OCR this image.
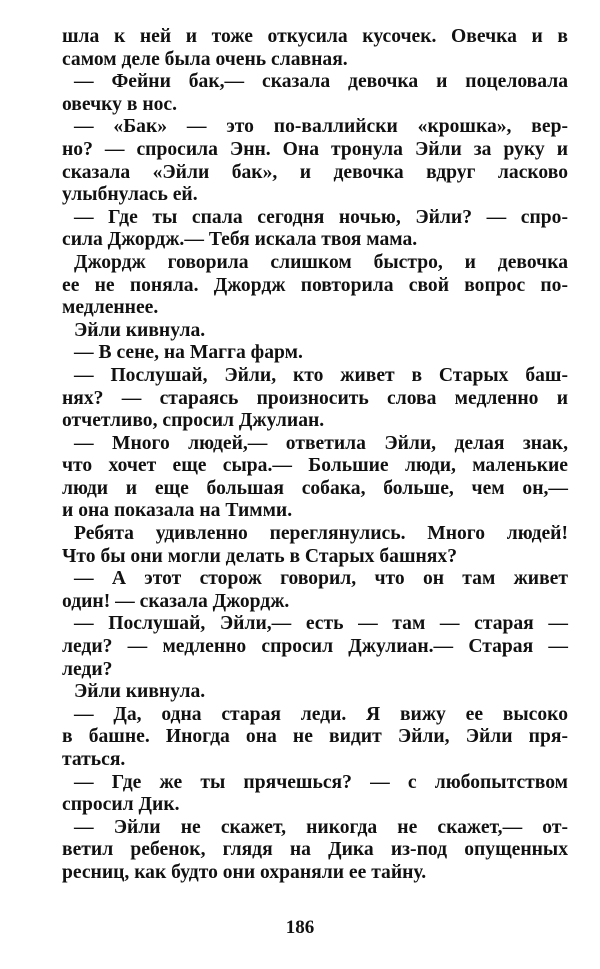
шла к ней и тоже откусила кусочек. Овечка и в
самом деле была очень славная.
— Фейни бак,— сказала девочка и поцеловала
овечку в нос.
— «Бак» — это по-валлийски «крошка», вер-
но? — спросила Энн. Она тронула Эйли за руку и
сказала «Эйли бак», и девочка вдруг ласково
улыбнулась ей.
— Где ты спала сегодня ночью, Эйли? — спро-
сила Джордж.— Тебя искала твоя мама.
Джордж говорила слишком быстро, и девочка
ее не поняла. Джордж повторила свой вопрос по-
медленнее.
Эйли кивнула.
— В сене, на Магга фарм.
— Послушай, Эйли, кто живет в Старых баш-
нях? — стараясь произносить слова медленно и
отчетливо, спросил Джулиан.
— Много людей,— ответила Эйли, делая знак,
что хочет еще сыра.— Большие люди, маленькие
люди и еще большая собака, больше, чем он,—
и она показала на Тимми.
Ребята удивленно переглянулись. Много людей!
Что бы они могли делать в Старых башнях?
— А этот сторож говорил, что он там живет
один! — сказала Джордж.
— Послушай, Эйли,— есть — там — старая —
леди? — медленно спросил Джулиан.— Старая —
леди?
Эйли кивнула.
— Да, одна старая леди. Я вижу ее высоко
в башне. Иногда она не видит Эйли, Эйли пря-
таться.
— Где же ты прячешься? — с любопытством
спросил Дик.
— Эйли не скажет, никогда не скажет,— от-
ветил ребенок, глядя на Дика из-под опущенных
ресниц, как будто они охраняли ее тайну.
186
